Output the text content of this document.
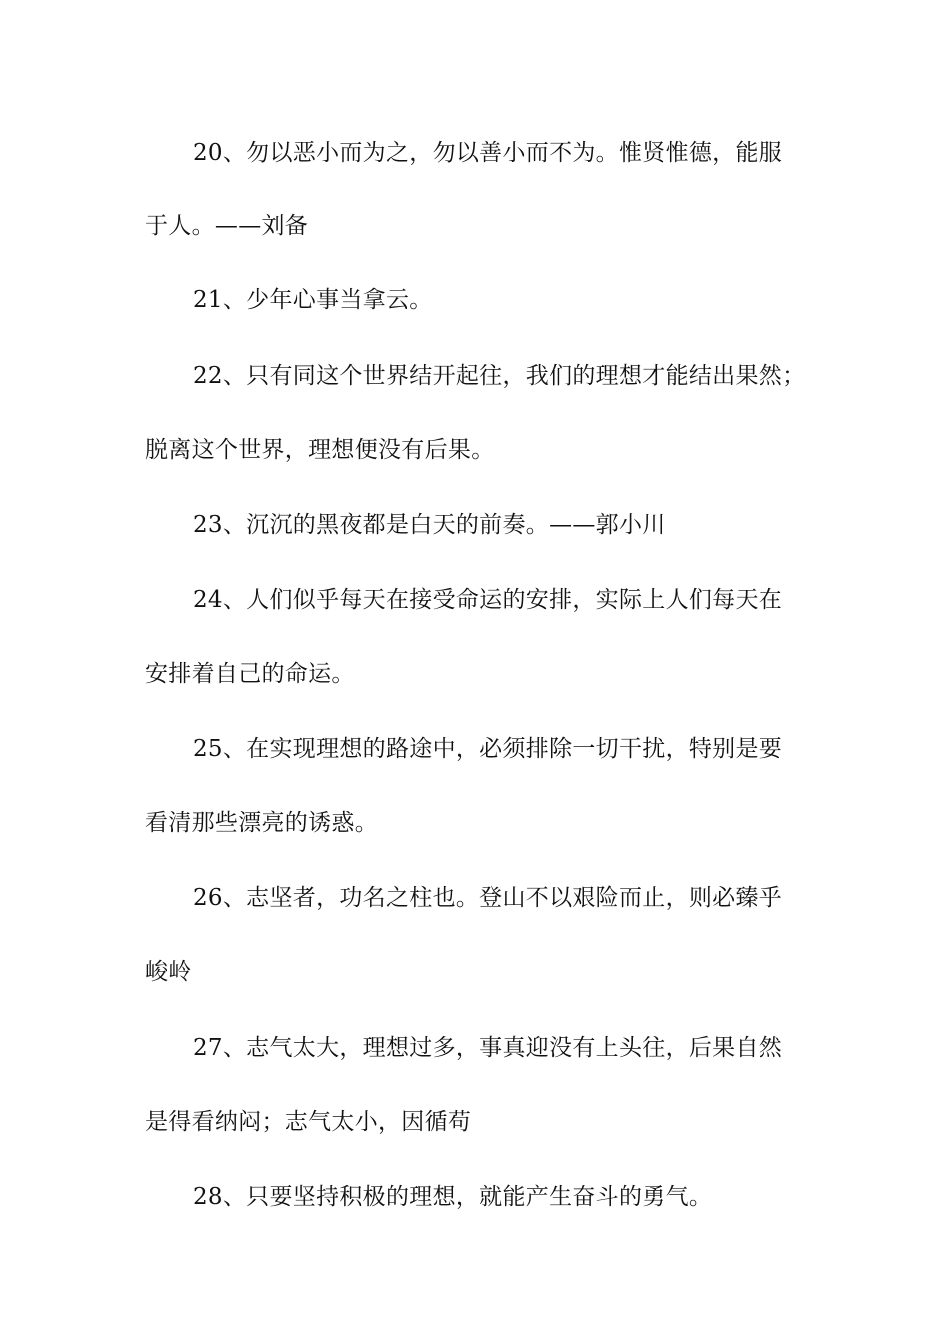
20、勿以恶小而为之，勿以善小而不为。惟贤惟德，能服
于人。——刘备
21、少年心事当拿云。
22、只有同这个世界结开起往，我们的理想才能结出果然；
脱离这个世界，理想便没有后果。
23、沉沉的黑夜都是白天的前奏。——郭小川
24、人们似乎每天在接受命运的安排，实际上人们每天在
安排着自己的命运。
25、在实现理想的路途中，必须排除一切干扰，特别是要
看清那些漂亮的诱惑。
26、志坚者，功名之柱也。登山不以艰险而止，则必臻乎
峻岭
27、志气太大，理想过多，事真迎没有上头往，后果自然
是得看纳闷；志气太小，因循苟
28、只要坚持积极的理想，就能产生奋斗的勇气。
